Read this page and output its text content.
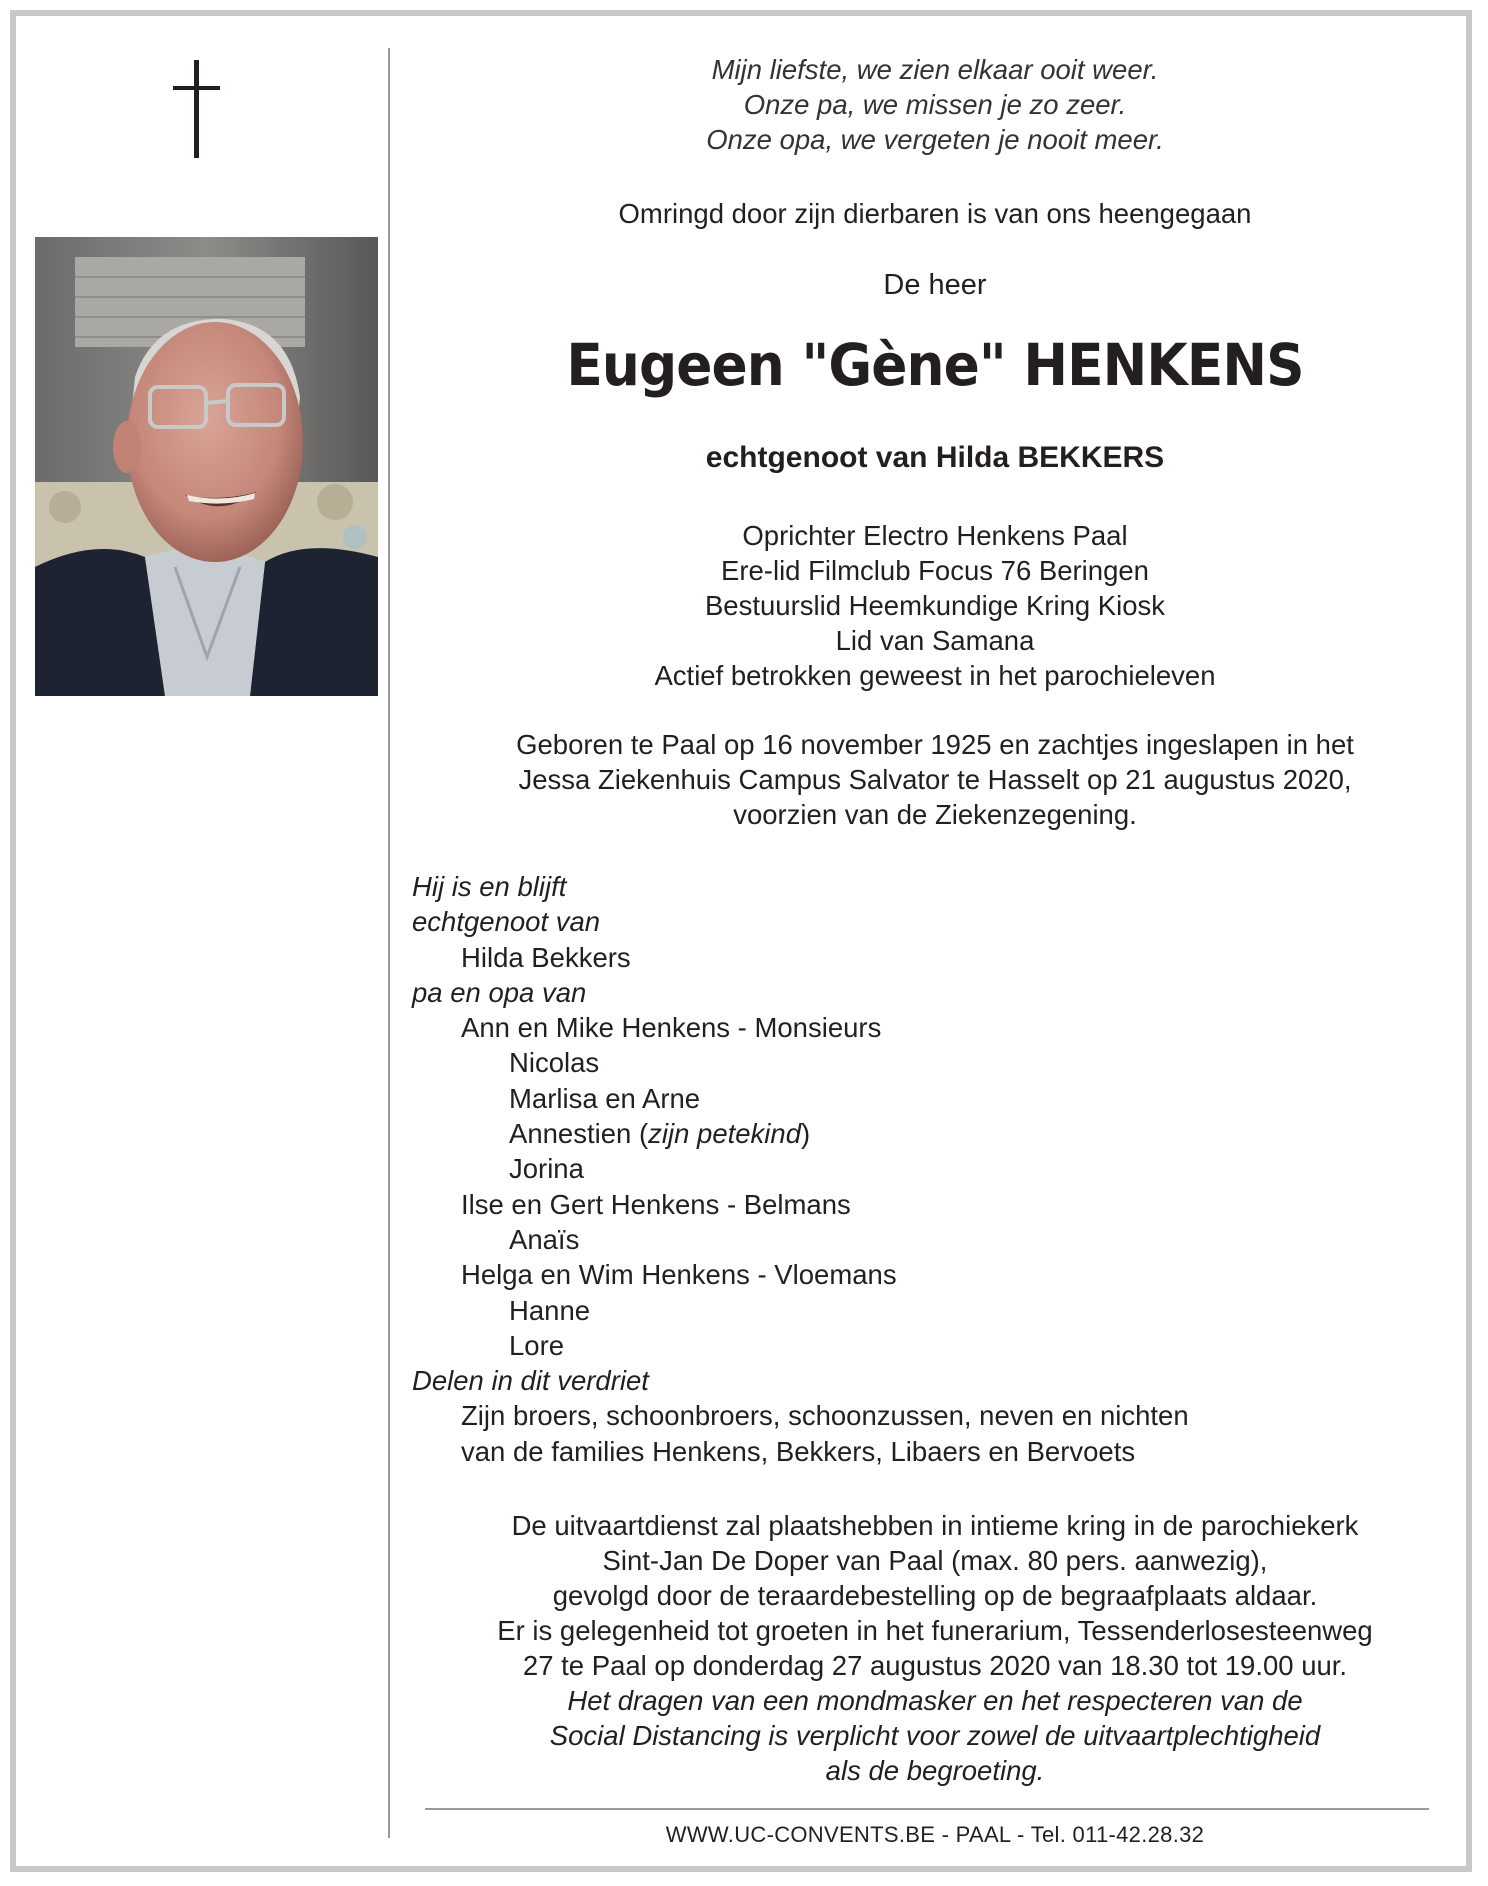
Mijn liefste, we zien elkaar ooit weer.
Onze pa, we missen je zo zeer.
Onze opa, we vergeten je nooit meer.
Omringd door zijn dierbaren is van ons heengegaan
De heer
Eugeen "Gène" HENKENS
echtgenoot van Hilda BEKKERS
Oprichter Electro Henkens Paal
Ere-lid Filmclub Focus 76 Beringen
Bestuurslid Heemkundige Kring Kiosk
Lid van Samana
Actief betrokken geweest in het parochieleven
Geboren te Paal op 16 november 1925 en zachtjes ingeslapen in het
Jessa Ziekenhuis Campus Salvator te Hasselt op 21 augustus 2020,
voorzien van de Ziekenzegening.
Hij is en blijft
echtgenoot van
Hilda Bekkers
pa en opa van
Ann en Mike Henkens - Monsieurs
Nicolas
Marlisa en Arne
Annestien (zijn petekind)
Jorina
Ilse en Gert Henkens - Belmans
Anaïs
Helga en Wim Henkens - Vloemans
Hanne
Lore
Delen in dit verdriet
Zijn broers, schoonbroers, schoonzussen, neven en nichten
van de families Henkens, Bekkers, Libaers en Bervoets
De uitvaartdienst zal plaatshebben in intieme kring in de parochiekerk
Sint-Jan De Doper van Paal (max. 80 pers. aanwezig),
gevolgd door de teraardebestelling op de begraafplaats aldaar.
Er is gelegenheid tot groeten in het funerarium, Tessenderlosesteenweg
27 te Paal op donderdag 27 augustus 2020 van 18.30 tot 19.00 uur.
Het dragen van een mondmasker en het respecteren van de
Social Distancing is verplicht voor zowel de uitvaartplechtigheid
als de begroeting.
WWW.UC-CONVENTS.BE - PAAL - Tel. 011-42.28.32
